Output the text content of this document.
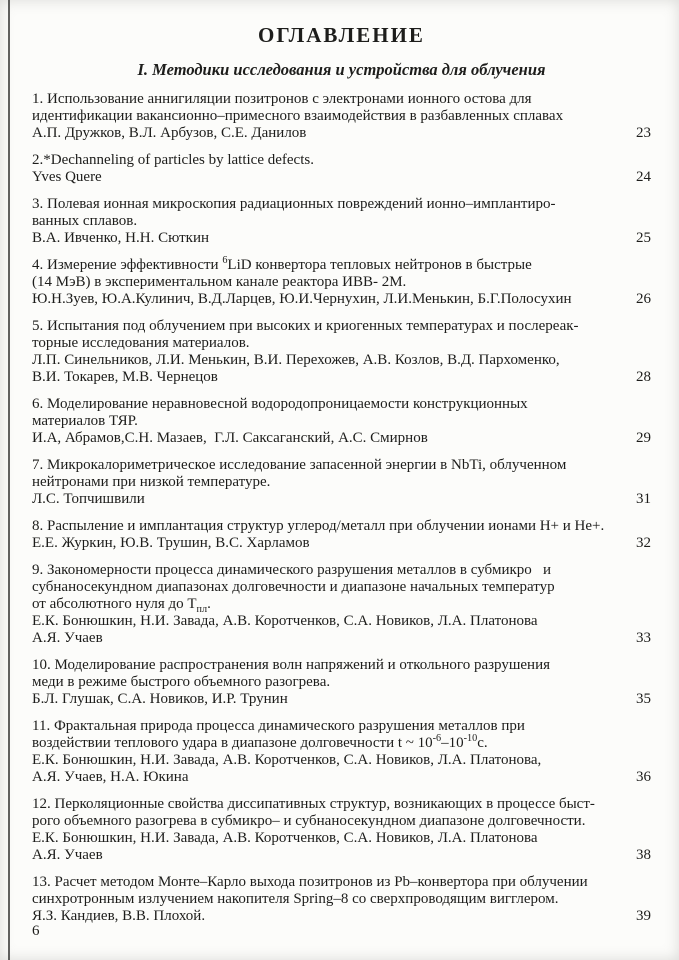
ОГЛАВЛЕНИЕ
I. Методики исследования и устройства для облучения
1. Использование аннигиляции позитронов с электронами ионного остова для
идентификации вакансионно–примесного взаимодействия в разбавленных сплавах
А.П. Дружков, В.Л. Арбузов, С.Е. Данилов	23
2.*Dechanneling of particles by lattice defects.
Yves Quere	24
3. Полевая ионная микроскопия радиационных повреждений ионно–имплантиро-
ванных сплавов.
В.А. Ивченко, Н.Н. Сюткин	25
4. Измерение эффективности $^6$LiD конвертора тепловых нейтронов в быстрые
(14 МэВ) в экспериментальном канале реактора ИВВ- 2М.
Ю.Н.Зуев, Ю.А.Кулинич, В.Д.Ларцев, Ю.И.Чернухин, Л.И.Менькин, Б.Г.Полосухин	26
5. Испытания под облучением при высоких и криогенных температурах и послереак-
торные исследования материалов.
Л.П. Синельников, Л.И. Менькин, В.И. Перехожев, А.В. Козлов, В.Д. Пархоменко,
В.И. Токарев, М.В. Чернецов	28
6. Моделирование неравновесной водородопроницаемости конструкционных
материалов ТЯР.
И.А, Абрамов,С.Н. Мазаев,  Г.Л. Саксаганский, А.С. Смирнов	29
7. Микрокалориметрическое исследование запасенной энергии в NbTi, облученном
нейтронами при низкой температуре.
Л.С. Топчишвили	31
8. Распыление и имплантация структур углерод/металл при облучении ионами H+ и He+.
Е.Е. Журкин, Ю.В. Трушин, В.С. Харламов	32
9. Закономерности процесса динамического разрушения металлов в субмикро   и
субнаносекундном диапазонах долговечности и диапазоне начальных температур
от абсолютного нуля до $Т_{пл}$.
Е.К. Бонюшкин, Н.И. Завада, А.В. Коротченков, С.А. Новиков, Л.А. Платонова
А.Я. Учаев	33
10. Моделирование распространения волн напряжений и откольного разрушения
меди в режиме быстрого объемного разогрева.
Б.Л. Глушак, С.А. Новиков, И.Р. Трунин	35
11. Фрактальная природа процесса динамического разрушения металлов при
воздействии теплового удара в диапазоне долговечности t ~ $10^{-6}-10^{-10}с$.
Е.К. Бонюшкин, Н.И. Завада, А.В. Коротченков, С.А. Новиков, Л.А. Платонова,
А.Я. Учаев, Н.А. Юкина	36
12. Перколяционные свойства диссипативных структур, возникающих в процессе быст-
рого объемного разогрева в субмикро– и субнаносекундном диапазоне долговечности.
Е.К. Бонюшкин, Н.И. Завада, А.В. Коротченков, С.А. Новиков, Л.А. Платонова
А.Я. Учаев	38
13. Расчет методом Монте–Карло выхода позитронов из Pb–конвертора при облучении
синхротронным излучением накопителя Spring–8 со сверхпроводящим вигглером.
Я.З. Кандиев, В.В. Плохой.	39
6
